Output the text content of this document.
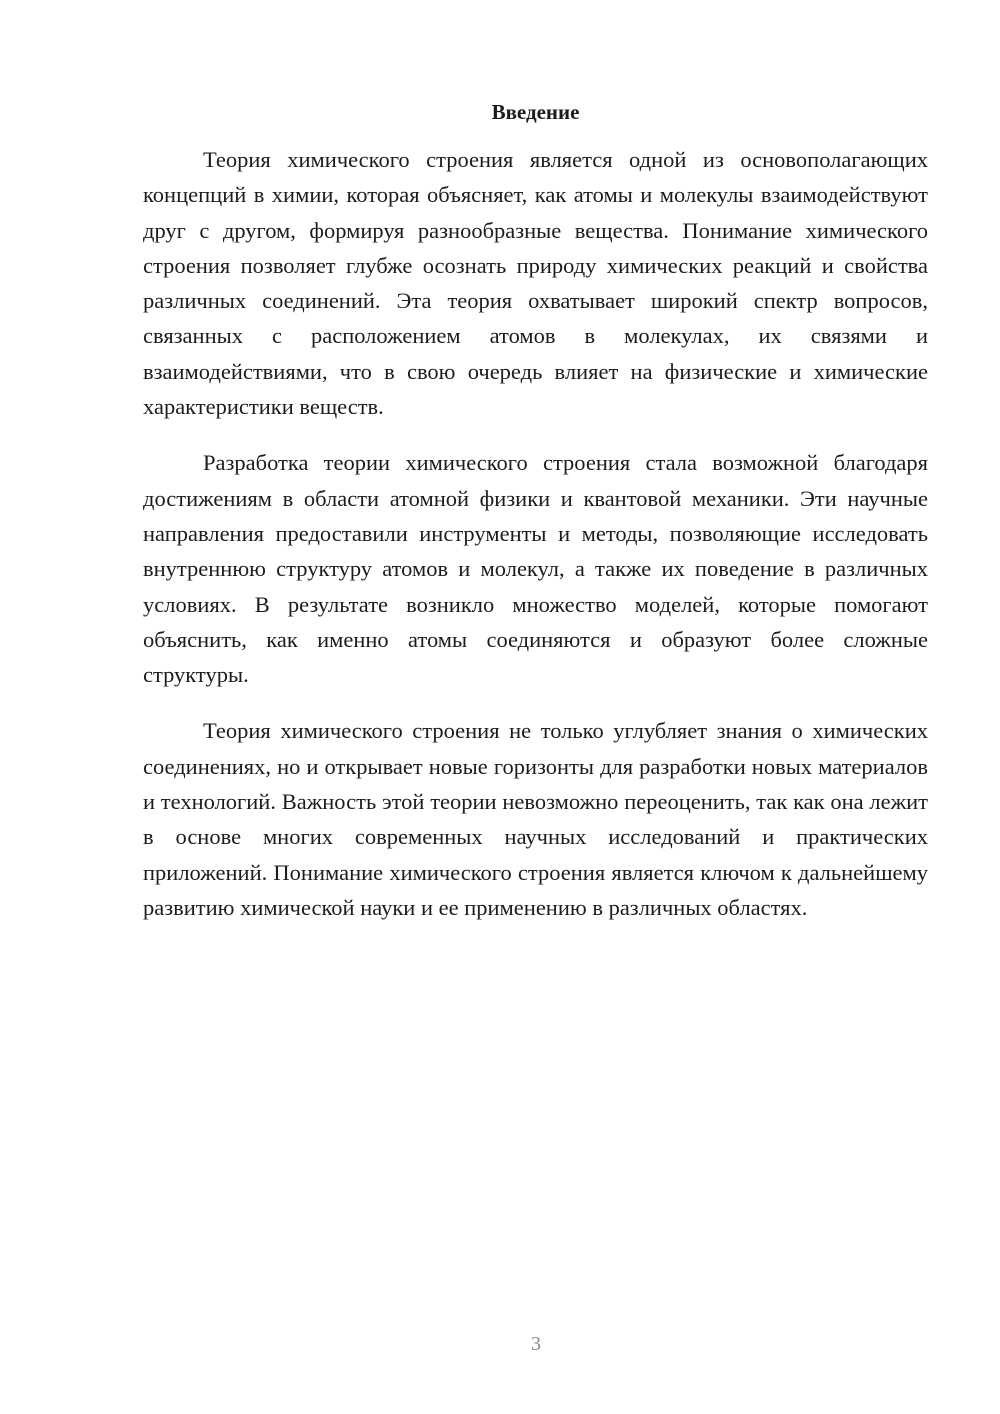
Введение

Теория химического строения является одной из основополагающих концепций в химии, которая объясняет, как атомы и молекулы взаимодействуют друг с другом, формируя разнообразные вещества. Понимание химического строения позволяет глубже осознать природу химических реакций и свойства различных соединений. Эта теория охватывает широкий спектр вопросов, связанных с расположением атомов в молекулах, их связями и взаимодействиями, что в свою очередь влияет на физические и химические характеристики веществ.

Разработка теории химического строения стала возможной благодаря достижениям в области атомной физики и квантовой механики. Эти научные направления предоставили инструменты и методы, позволяющие исследовать внутреннюю структуру атомов и молекул, а также их поведение в различных условиях. В результате возникло множество моделей, которые помогают объяснить, как именно атомы соединяются и образуют более сложные структуры.

Теория химического строения не только углубляет знания о химических соединениях, но и открывает новые горизонты для разработки новых материалов и технологий. Важность этой теории невозможно переоценить, так как она лежит в основе многих современных научных исследований и практических приложений. Понимание химического строения является ключом к дальнейшему развитию химической науки и ее применению в различных областях.

3
